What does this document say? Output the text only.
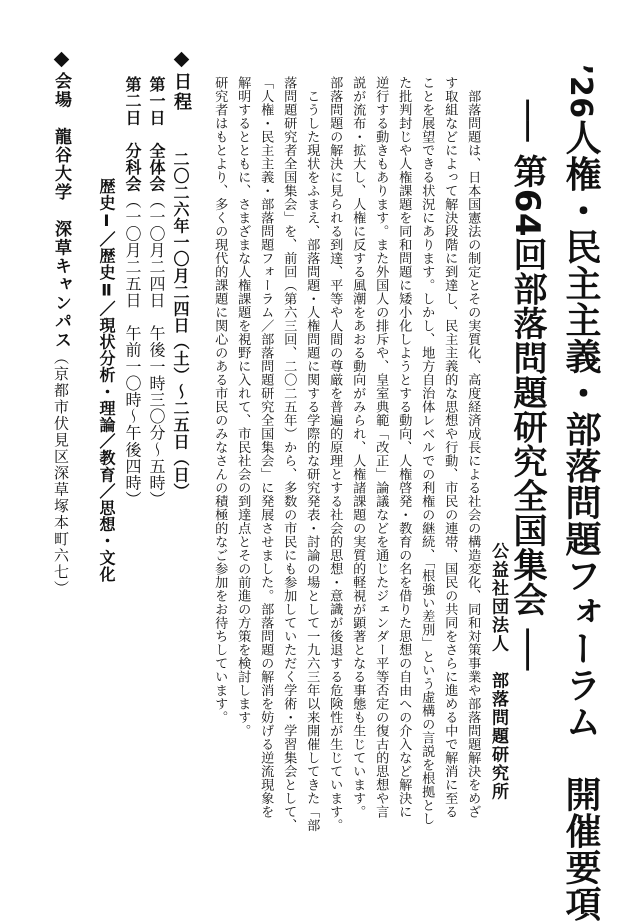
’26人権・民主主義・部落問題フォーラム　開催要項
── 第64回部落問題研究全国集会 ──
公益社団法人　部落問題研究所
　部落問題は、日本国憲法の制定とその実質化、高度経済成長による社会の構造変化、同和対策事業や部落問題解決をめざ
す取組などによって解決段階に到達し、民主主義的な思想や行動、市民の連帯、国民の共同をさらに進める中で解消に至る
ことを展望できる状況にあります。しかし、地方自治体レベルでの利権の継続、「根強い差別」という虚構の言説を根拠とし
た批判封じや人権課題を同和問題に矮小化しようとする動向、人権啓発・教育の名を借りた思想の自由への介入など解決に
逆行する動きもあります。また外国人の排斥や、皇室典範「改正」論議などを通じたジェンダー平等否定の復古的思想や言
説が流布・拡大し、人権に反する風潮をあおる動向がみられ、人権諸課題の実質的軽視が顕著となる事態も生じています。
部落問題の解決に見られる到達、平等や人間の尊厳を普遍的原理とする社会的思想・意識が後退する危険性が生じています。
　こうした現状をふまえ、部落問題・人権問題に関する学際的な研究発表・討論の場として一九六三年以来開催してきた「部
落問題研究者全国集会」を、前回（第六三回、二〇二五年）から、多数の市民にも参加していただく学術・学習集会として、
「人権・民主主義・部落問題フォーラム／部落問題研究全国集会」に発展させました。部落問題の解消を妨げる逆流現象を
解明するとともに、さまざまな人権課題を視野に入れて、市民社会の到達点とその前進の方策を検討します。
研究者はもとより、多くの現代的課題に関心のある市民のみなさんの積極的なご参加をお待ちしています。
日程
二〇二六年一〇月二四日（土）～二五日（日）
第一日　全体会（一〇月二四日　午後一時三〇分～五時）
第二日　分科会（一〇月二五日　午前一〇時～午後四時）
歴史Ⅰ／歴史Ⅱ／現状分析・理論／教育／思想・文化
会場　龍谷大学　深草キャンパス（京都市伏見区深草塚本町六七）
